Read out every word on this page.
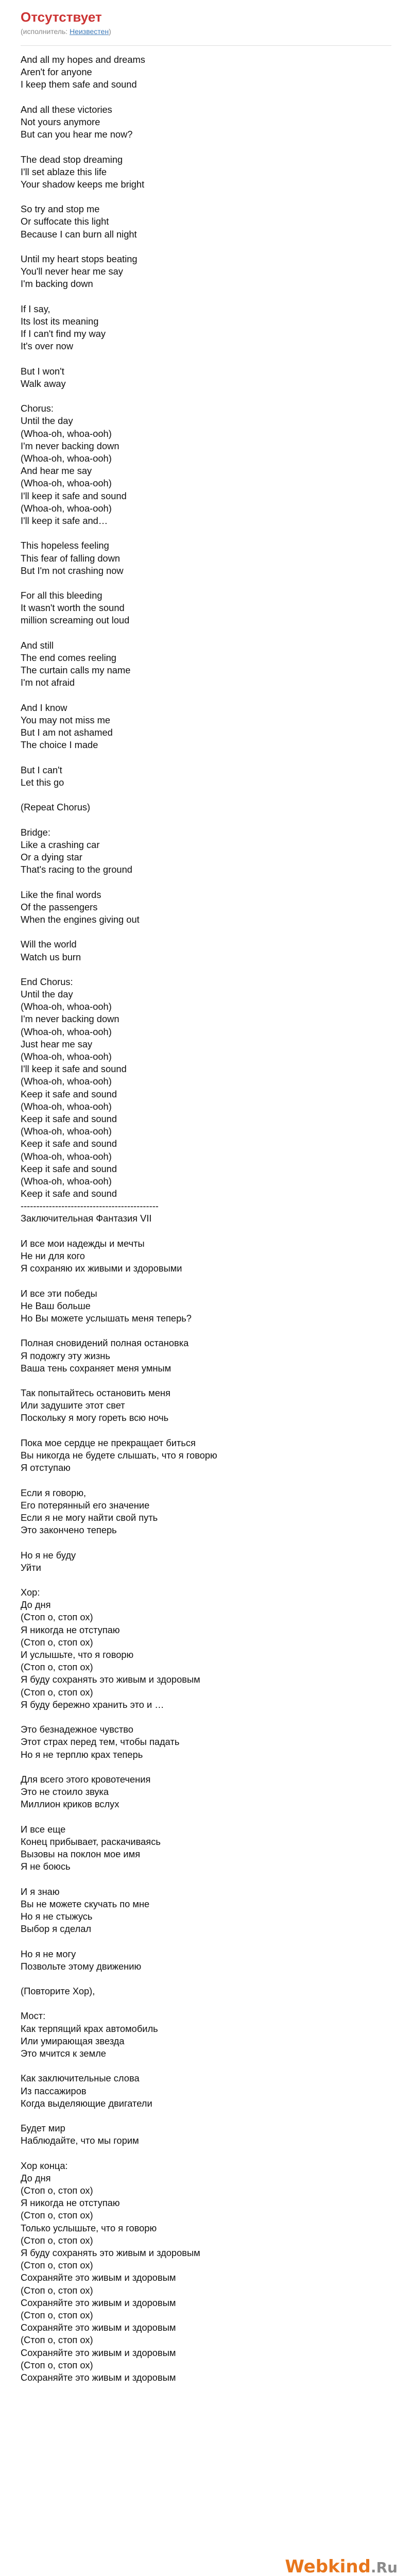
Отсутствует
(исполнитель: Неизвестен)
And all my hopes and dreams
Aren't for anyone
I keep them safe and sound
And all these victories
Not yours anymore
But can you hear me now?
The dead stop dreaming
I'll set ablaze this life
Your shadow keeps me bright
So try and stop me
Or suffocate this light
Because I can burn all night
Until my heart stops beating
You'll never hear me say
I'm backing down
If I say,
Its lost its meaning
If I can't find my way
It's over now
But I won't
Walk away
Chorus:
Until the day
(Whoa-oh, whoa-ooh)
I'm never backing down
(Whoa-oh, whoa-ooh)
And hear me say
(Whoa-oh, whoa-ooh)
I'll keep it safe and sound
(Whoa-oh, whoa-ooh)
I'll keep it safe and…
This hopeless feeling
This fear of falling down
But I'm not crashing now
For all this bleeding
It wasn't worth the sound
million screaming out loud
And still
The end comes reeling
The curtain calls my name
I'm not afraid
And I know
You may not miss me
But I am not ashamed
The choice I made
But I can't
Let this go
(Repeat Chorus)
Bridge:
Like a crashing car
Or a dying star
That's racing to the ground
Like the final words
Of the passengers
When the engines giving out
Will the world
Watch us burn
End Chorus:
Until the day
(Whoa-oh, whoa-ooh)
I'm never backing down
(Whoa-oh, whoa-ooh)
Just hear me say
(Whoa-oh, whoa-ooh)
I'll keep it safe and sound
(Whoa-oh, whoa-ooh)
Keep it safe and sound
(Whoa-oh, whoa-ooh)
Keep it safe and sound
(Whoa-oh, whoa-ooh)
Keep it safe and sound
(Whoa-oh, whoa-ooh)
Keep it safe and sound
(Whoa-oh, whoa-ooh)
Keep it safe and sound
--------------------------------------------
Заключительная Фантазия VII
И все мои надежды и мечты
Не ни для кого
Я сохраняю их живыми и здоровыми
И все эти победы
Не Ваш больше
Но Вы можете услышать меня теперь?
Полная сновидений полная остановка
Я подожгу эту жизнь
Ваша тень сохраняет меня умным
Так попытайтесь остановить меня
Или задушите этот свет
Поскольку я могу гореть всю ночь
Пока мое сердце не прекращает биться
Вы никогда не будете слышать, что я говорю
Я отступаю
Если я говорю,
Его потерянный его значение
Если я не могу найти свой путь
Это закончено теперь
Но я не буду
Уйти
Хор:
До дня
(Стоп о, стоп ох)
Я никогда не отступаю
(Стоп о, стоп ох)
И услышьте, что я говорю
(Стоп о, стоп ох)
Я буду сохранять это живым и здоровым
(Стоп о, стоп ох)
Я буду бережно хранить это и …
Это безнадежное чувство
Этот страх перед тем, чтобы падать
Но я не терплю крах теперь
Для всего этого кровотечения
Это не стоило звука
Миллион криков вслух
И все еще
Конец прибывает, раскачиваясь
Вызовы на поклон мое имя
Я не боюсь
И я знаю
Вы не можете скучать по мне
Но я не стыжусь
Выбор я сделал
Но я не могу
Позвольте этому движению
(Повторите Хор),
Мост:
Как терпящий крах автомобиль
Или умирающая звезда
Это мчится к земле
Как заключительные слова
Из пассажиров
Когда выделяющие двигатели
Будет мир
Наблюдайте, что мы горим
Хор конца:
До дня
(Стоп о, стоп ох)
Я никогда не отступаю
(Стоп о, стоп ох)
Только услышьте, что я говорю
(Стоп о, стоп ох)
Я буду сохранять это живым и здоровым
(Стоп о, стоп ох)
Сохраняйте это живым и здоровым
(Стоп о, стоп ох)
Сохраняйте это живым и здоровым
(Стоп о, стоп ох)
Сохраняйте это живым и здоровым
(Стоп о, стоп ох)
Сохраняйте это живым и здоровым
(Стоп о, стоп ох)
Сохраняйте это живым и здоровым
Webkind.Ru
